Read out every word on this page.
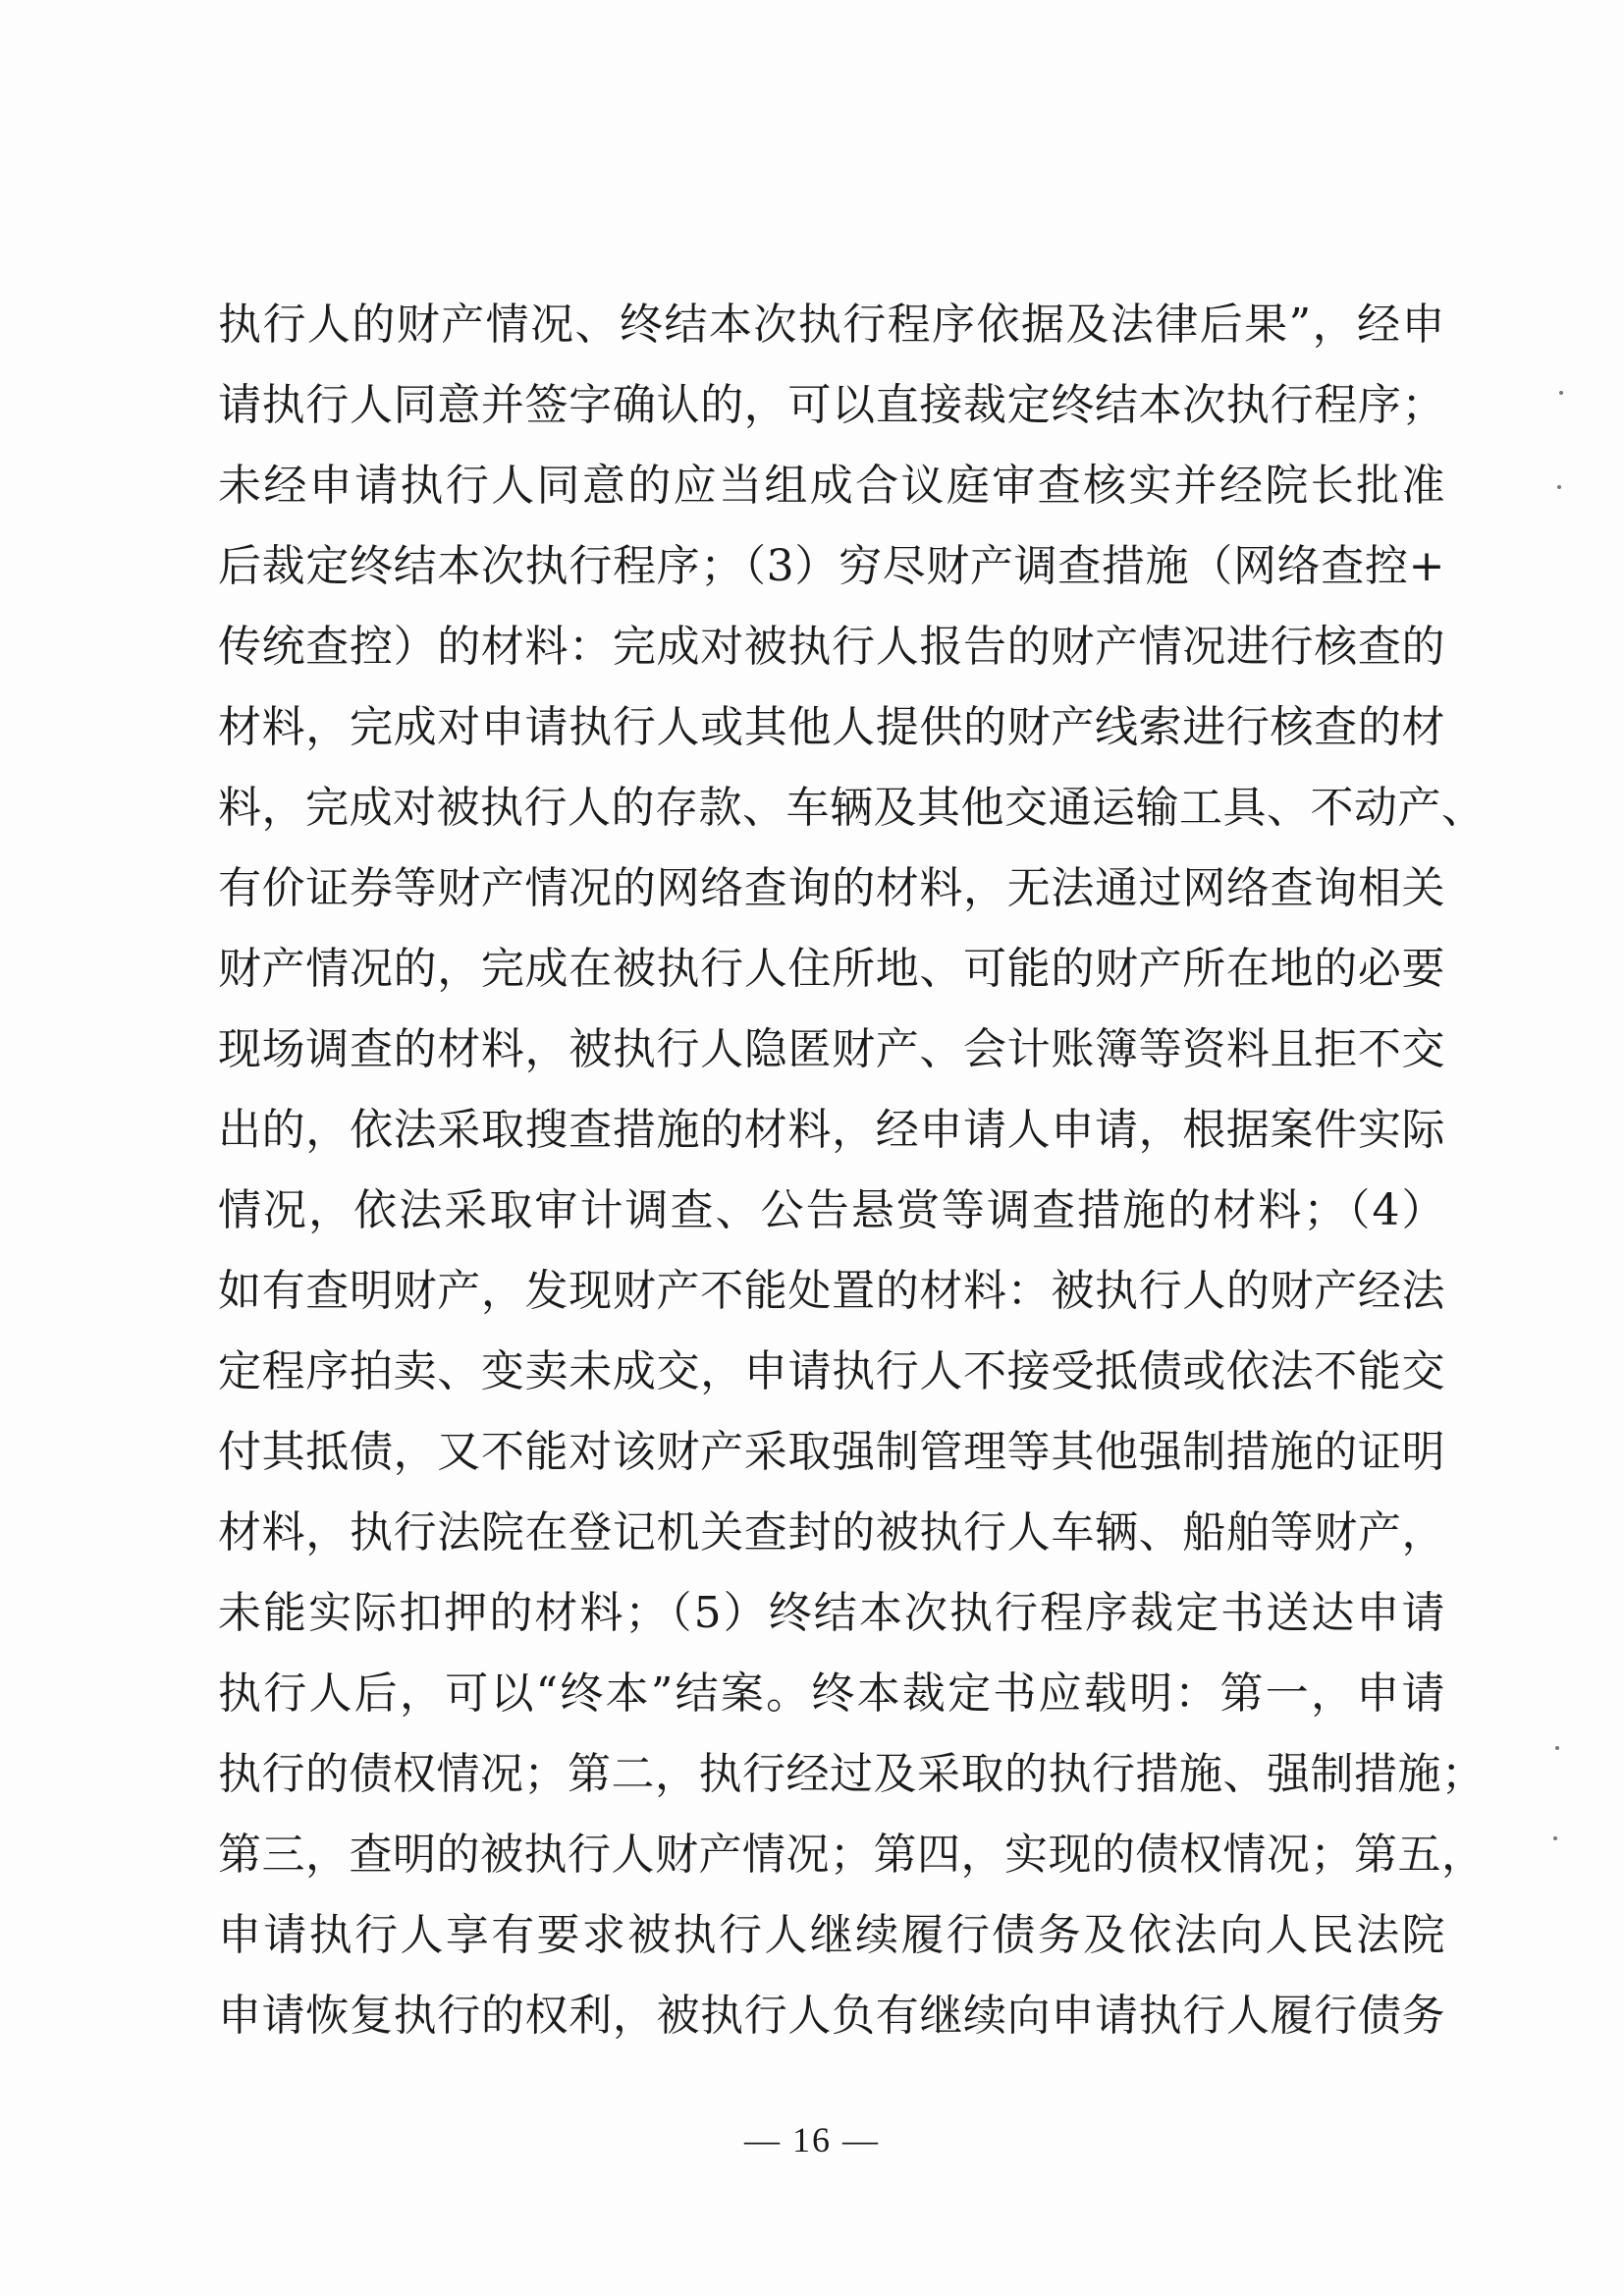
执行人的财产情况、终结本次执行程序依据及法律后果”，经申
请执行人同意并签字确认的，可以直接裁定终结本次执行程序；
未经申请执行人同意的应当组成合议庭审查核实并经院长批准
后裁定终结本次执行程序；（3）穷尽财产调查措施（网络查控+
传统查控）的材料：完成对被执行人报告的财产情况进行核查的
材料，完成对申请执行人或其他人提供的财产线索进行核查的材
料，完成对被执行人的存款、车辆及其他交通运输工具、不动产、
有价证券等财产情况的网络查询的材料，无法通过网络查询相关
财产情况的，完成在被执行人住所地、可能的财产所在地的必要
现场调查的材料，被执行人隐匿财产、会计账簿等资料且拒不交
出的，依法采取搜查措施的材料，经申请人申请，根据案件实际
情况，依法采取审计调查、公告悬赏等调查措施的材料；（4）
如有查明财产，发现财产不能处置的材料：被执行人的财产经法
定程序拍卖、变卖未成交，申请执行人不接受抵债或依法不能交
付其抵债，又不能对该财产采取强制管理等其他强制措施的证明
材料，执行法院在登记机关查封的被执行人车辆、船舶等财产，
未能实际扣押的材料；（5）终结本次执行程序裁定书送达申请
执行人后，可以“终本”结案。终本裁定书应载明：第一，申请
执行的债权情况；第二，执行经过及采取的执行措施、强制措施；
第三，查明的被执行人财产情况；第四，实现的债权情况；第五，
申请执行人享有要求被执行人继续履行债务及依法向人民法院
申请恢复执行的权利，被执行人负有继续向申请执行人履行债务
— 16 —
